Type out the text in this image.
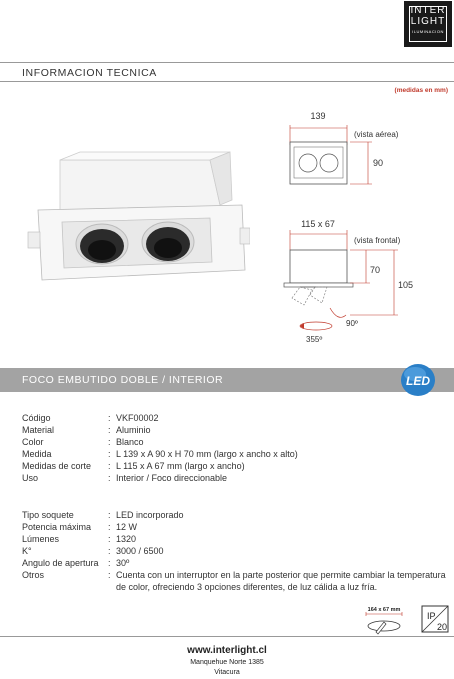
INTER
LIGHT
ILUMINACION
INFORMACION TECNICA
(medidas en mm)
139
(vista aérea)
90
115 x 67
(vista frontal)
70
105
90º
355º
FOCO EMBUTIDO DOBLE / INTERIOR	LED
Código	: VKF00002
Material	: Aluminio
Color	: Blanco
Medida	: L 139 x A 90 x H 70 mm (largo x ancho x alto)
Medidas de corte	: L 115 x A 67 mm (largo x ancho)
Uso	: Interior / Foco direccionable
Tipo soquete	: LED incorporado
Potencia máxima	: 12 W
Lúmenes	: 1320
K°	: 3000 / 6500
Angulo de apertura	: 30º
Otros	: Cuenta con un interruptor en la parte posterior que permite cambiar la temperatura de color, ofreciendo 3 opciones diferentes, de luz cálida a luz fría.
164 x 67 mm
IP
20
www.interlight.cl
Manquehue Norte 1385
Vitacura
